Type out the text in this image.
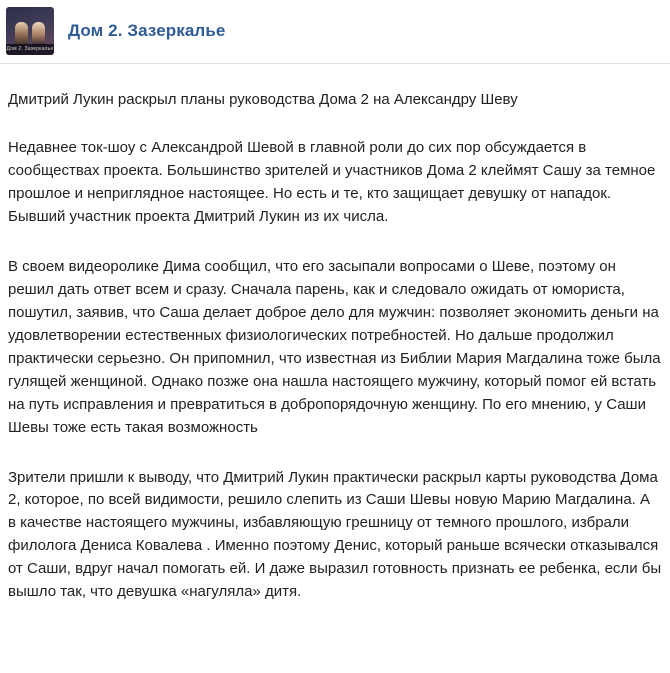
Дом 2. Зазеркалье
Дом 2. Зазеркалье
Дмитрий Лукин раскрыл планы руководства Дома 2 на Александру Шеву

Недавнее ток-шоу с Александрой Шевой в главной роли до сих пор обсуждается в сообществах проекта. Большинство зрителей и участников Дома 2 клеймят Сашу за темное прошлое и неприглядное настоящее. Но есть и те, кто защищает девушку от нападок. Бывший участник проекта Дмитрий Лукин из их числа.

В своем видеоролике Дима сообщил, что его засыпали вопросами о Шеве, поэтому он решил дать ответ всем и сразу. Сначала парень, как и следовало ожидать от юмориста, пошутил, заявив, что Саша делает доброе дело для мужчин: позволяет экономить деньги на удовлетворении естественных физиологических потребностей. Но дальше продолжил практически серьезно. Он припомнил, что известная из Библии Мария Магдалина тоже была гулящей женщиной. Однако позже она нашла настоящего мужчину, который помог ей встать на путь исправления и превратиться в добропорядочную женщину. По его мнению, у Саши Шевы тоже есть такая возможность

Зрители пришли к выводу, что Дмитрий Лукин практически раскрыл карты руководства Дома 2, которое, по всей видимости, решило слепить из Саши Шевы новую Марию Магдалина. А в качестве настоящего мужчины, избавляющую грешницу от темного прошлого, избрали филолога Дениса Ковалева . Именно поэтому Денис, который раньше всячески отказывался от Саши, вдруг начал помогать ей. И даже выразил готовность признать ее ребенка, если бы вышло так, что девушка «нагуляла» дитя.
